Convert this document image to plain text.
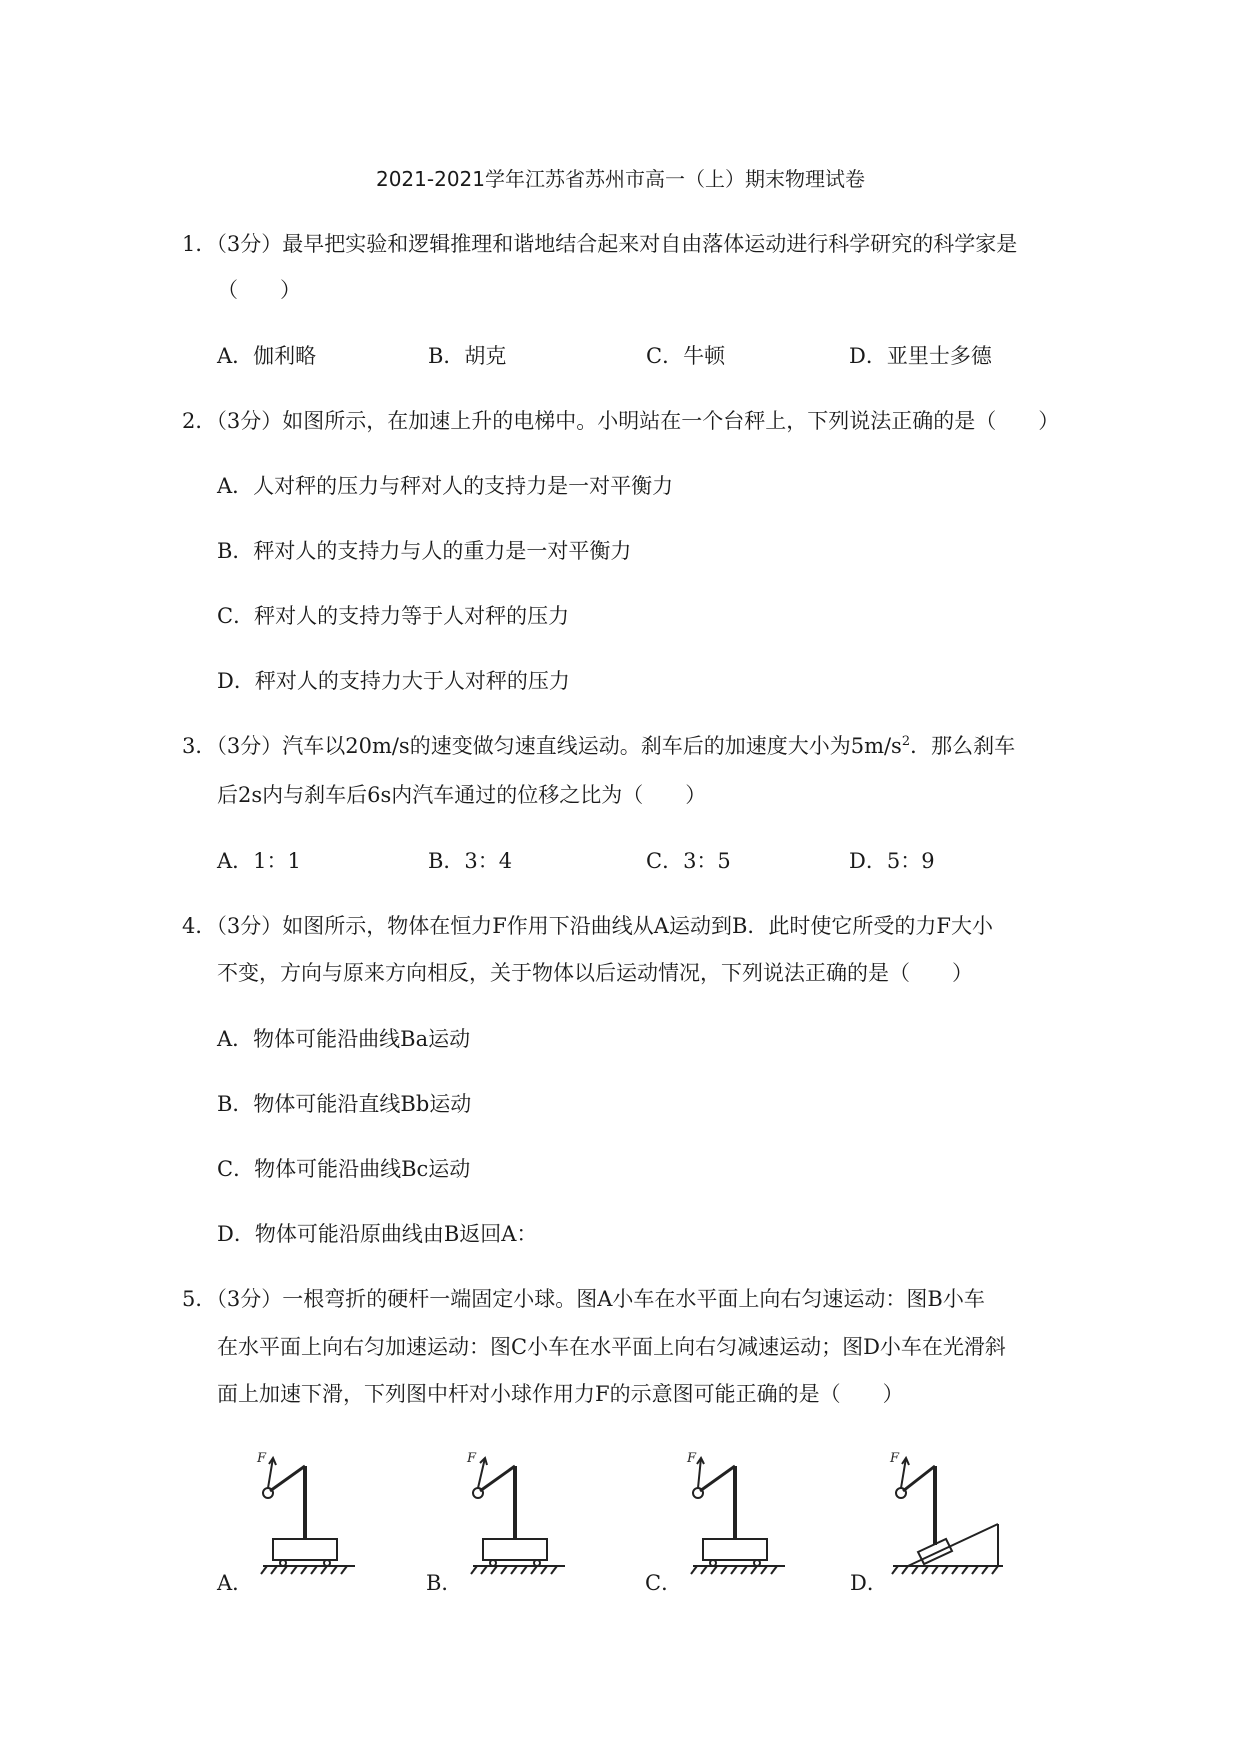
2021-2021学年江苏省苏州市高一（上）期末物理试卷
1．（3分）最早把实验和逻辑推理和谐地结合起来对自由落体运动进行科学研究的科学家是
（　　）
A．伽利略	B．胡克	C．牛顿	D．亚里士多德
2．（3分）如图所示，在加速上升的电梯中。小明站在一个台秤上，下列说法正确的是（　　）
A．人对秤的压力与秤对人的支持力是一对平衡力
B．秤对人的支持力与人的重力是一对平衡力
C．秤对人的支持力等于人对秤的压力
D．秤对人的支持力大于人对秤的压力
3．（3分）汽车以20m/s的速变做匀速直线运动。刹车后的加速度大小为$5m/s^2$．那么刹车
后2s内与刹车后6s内汽车通过的位移之比为（　　）
A．1：1	B．3：4	C．3：5	D．5：9
4．（3分）如图所示，物体在恒力F作用下沿曲线从A运动到B．此时使它所受的力F大小
不变，方向与原来方向相反，关于物体以后运动情况，下列说法正确的是（　　）
A．物体可能沿曲线Ba运动
B．物体可能沿直线Bb运动
C．物体可能沿曲线Bc运动
D．物体可能沿原曲线由B返回A：
5．（3分）一根弯折的硬杆一端固定小球。图A小车在水平面上向右匀速运动：图B小车
在水平面上向右匀加速运动：图C小车在水平面上向右匀减速运动；图D小车在光滑斜
面上加速下滑，下列图中杆对小球作用力F的示意图可能正确的是（　　）
A．	B．	C．	D．
F	F	F	F
